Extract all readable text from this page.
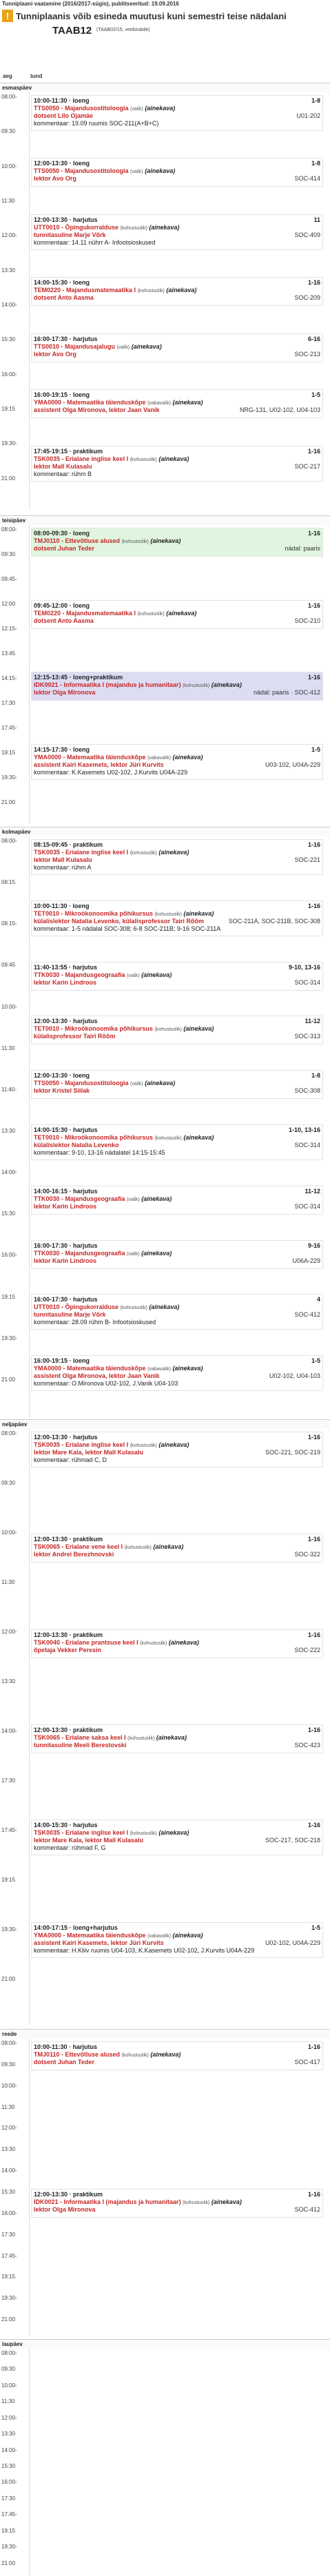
Tunniplaani vaatamine (2016/2017-sügis), publitseeritud: 19.09.2016
! Tunniplaanis võib esineda muutusi kuni semestri teise nädalani
TAAB12 (TAAB02/15, veebinäide)
aeg	tund
esmaspäev
08:00-
09:30
10:00-
11:30
12:00-
13:30
14:00-
15:30
16:00-
19:15
19:30-
21:00
10:00-11:30 · loeng	1-8
TTS0050 - Majandusostitoloogia (valik) (ainekava)
dotsent Lilo Ojamäe	U01-202
kommentaar: 19.09 ruumis SOC-211(A+B+C)
12:00-13:30 · loeng	1-8
TTS0050 - Majandusostitoloogia (valik) (ainekava)
lektor Avo Org	SOC-414
12:00-13:30 · harjutus	11
UTT0010 - Õpingukorralduse (kohustuslik) (ainekava)
tunnitasuline Marje Võrk	SOC-409
kommentaar: 14.11 nührr A- Infootsioskused
14:00-15:30 · loeng	1-16
TEM0220 - Majandusmatemaatika I (kohustuslik) (ainekava)
dotsent Anto Aasma	SOC-209
16:00-17:30 · harjutus	6-16
TTS0010 - Majandusajalugu (valik) (ainekava)
lektor Avo Org	SOC-213
16:00-19:15 · loeng	1-5
YMA0000 - Matemaatika täienduskõpe (vabavalik) (ainekava)
assistent Olga Mironova, lektor Jaan Vanik	NRG-131, U02-102, U04-103
17:45-19:15 · praktikum	1-16
TSK0035 - Erialane inglise keel I (kohustuslik) (ainekava)
lektor Mall Kulasalu	SOC-217
kommentaar: rühm B
teisipäev
08:00-
09:30
09:45-
12:00
12:15-
13:45
14:15-
17:30
17:45-
19:15
19:30-
21:00
08:00-09:30 · loeng	1-16
TMJ0110 - Ettevõtluse alused (kohustuslik) (ainekava)
dotsent Juhan Teder	nädal: paaris
09:45-12:00 · loeng	1-16
TEM0220 - Majandusmatemaatika I (kohustuslik) (ainekava)
dotsent Anto Aasma	SOC-210
12:15-13:45 · loeng+praktikum	1-16
IDK0021 - Informaatika I (majandus ja humanitaar) (kohustuslik) (ainekava)
lektor Olga Mironova	nädal: paaris · SOC-412
14:15-17:30 · loeng	1-5
YMA0000 - Matemaatika täienduskõpe (vabavalik) (ainekava)
assistent Kairi Kasemets, lektor Jüri Kurvits	U03-102, U04A-229
kommentaar: K.Kasemets U02-102, J.Kurvits U04A-229
kolmapäev
08:00-
08:15
08:15-
09:45
10:00-
11:30
11:40-
13:30
14:00-
15:30
16:00-
19:15
19:30-
21:00
08:15-09:45 · praktikum	1-16
TSK0035 - Erialane inglise keel I (kohustuslik) (ainekava)
lektor Mall Kulasalu	SOC-221
kommentaar: rühm A
10:00-11:30 · loeng	1-16
TET0010 - Mikroökonoomika põhikursus (kohustuslik) (ainekava)
külalislektor Natalia Levenko, külalisprofessor Tairi Rõõm	SOC-211A, SOC-211B, SOC-308
kommentaar: 1-5 nädalal SOC-308; 6-8 SOC-211B; 9-16 SOC-211A
11:40-13:55 · harjutus	9-10, 13-16
TTK0030 - Majandusgeograafia (valik) (ainekava)
lektor Karin Lindroos	SOC-314
12:00-13:30 · harjutus	11-12
TET0010 - Mikroökonoomika põhikursus (kohustuslik) (ainekava)
külalisprofessor Tairi Rõõm	SOC-313
12:00-13:30 · loeng	1-8
TTS0050 - Majandusostitoloogia (valik) (ainekava)
lektor Kristel Siilak	SOC-308
14:00-15:30 · harjutus	1-10, 13-16
TET0010 - Mikroökonoomika põhikursus (kohustuslik) (ainekava)
külalislektor Natalia Levenko	SOC-314
kommentaar: 9-10, 13-16 nädalatel 14:15-15:45
14:00-16:15 · harjutus	11-12
TTK0030 - Majandusgeograafia (valik) (ainekava)
lektor Karin Lindroos	SOC-314
16:00-17:30 · harjutus	9-16
TTK0030 - Majandusgeograafia (valik) (ainekava)
lektor Karin Lindroos	U06A-229
16:00-17:30 · harjutus	4
UTT0010 - Õpingukorralduse (kohustuslik) (ainekava)
tunnitasuline Marje Võrk	SOC-412
kommentaar: 28.09 rühm B- Infootsioskused
16:00-19:15 · loeng	1-5
YMA0000 - Matemaatika täienduskõpe (vabavalik) (ainekava)
assistent Olga Mironova, lektor Jaan Vanik	U02-102, U04-103
kommentaar: O.Mironova U02-102, J.Vanik U04-103
neljapäev
08:00-
09:30
10:00-
11:30
12:00-
13:30
14:00-
17:30
17:45-
19:15
19:30-
21:00
12:00-13:30 · harjutus	1-16
TSK0035 - Erialane inglise keel I (kohustuslik) (ainekava)
lektor Mare Kala, lektor Mall Kulasalu	SOC-221, SOC-219
kommentaar: rühmad C, D
12:00-13:30 · praktikum	1-16
TSK0065 - Erialane vene keel I (kohustuslik) (ainekava)
lektor Andrei Berezhnovski	SOC-322
12:00-13:30 · praktikum	1-16
TSK0040 - Erialane prantsuse keel I (kohustuslik) (ainekava)
õpetaja Vekker Peresin	SOC-222
12:00-13:30 · praktikum	1-16
TSK0065 - Erialane saksa keel I (kohustuslik) (ainekava)
tunnitasuline Meeli Berestovski	SOC-423
14:00-15:30 · harjutus	1-16
TSK0035 - Erialane inglise keel I (kohustuslik) (ainekava)
lektor Mare Kala, lektor Mall Kulasalu	SOC-217, SOC-218
kommentaar: rühmad F, G
14:00-17:15 · loeng+harjutus	1-5
YMA0000 - Matemaatika täienduskõpe (vabavalik) (ainekava)
assistent Kairi Kasemets, lektor Jüri Kurvits	U02-102, U04A-229
kommentaar: H.Kliiv ruumis U04-103, K.Kasemets U02-102, J.Kurvits U04A-229
reede
08:00-
09:30
10:00-
11:30
12:00-
13:30
14:00-
15:30
16:00-
17:30
17:45-
19:15
19:30-
21:00
10:00-11:30 · harjutus	1-16
TMJ0110 - Ettevõtluse alused (kohustuslik) (ainekava)
dotsent Juhan Teder	SOC-417
12:00-13:30 · praktikum	1-16
IDK0021 - Informaatika I (majandus ja humanitaar) (kohustuslik) (ainekava)
lektor Olga Mironova	SOC-412
laupäev
08:00-
09:30
10:00-
11:30
12:00-
13:30
14:00-
15:30
16:00-
17:30
17:45-
19:15
19:30-
21:00
